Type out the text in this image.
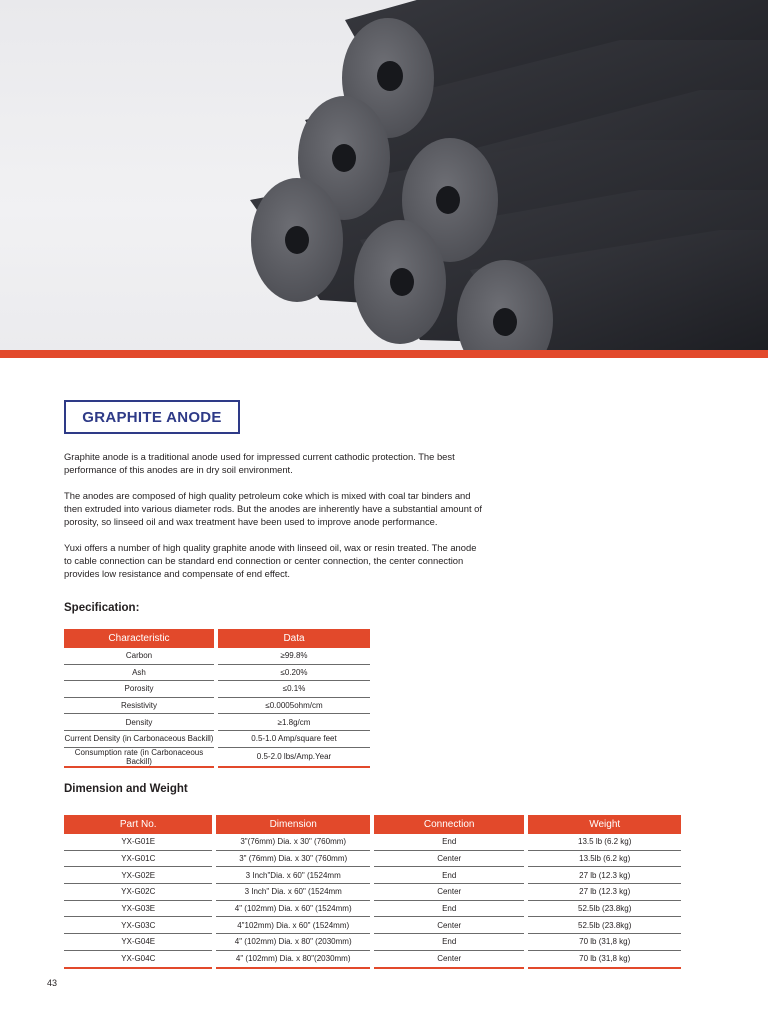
GRAPHITE ANODE

Graphite anode is a traditional anode used for impressed current cathodic protection. The best performance of this anodes are in dry soil environment.

The anodes are composed of high quality petroleum coke which is mixed with coal tar binders and then extruded into various diameter rods. But the anodes are inherently have a substantial amount of porosity, so linseed oil and wax treatment have been used to improve anode performance.

Yuxi offers a number of high quality graphite anode with linseed oil, wax or resin treated. The anode to cable connection can be standard end connection or center connection, the center connection provides low resistance and compensate of end effect.

Specification:
Characteristic		Data
Carbon		≥99.8%
Ash		≤0.20%
Porosity		≤0.1%
Resistivity		≤0.0005ohm/cm
Density		≥1.8g/cm
Current Density (in Carbonaceous Backill)		0.5-1.0 Amp/square feet
Consumption rate (in Carbonaceous Backill)		0.5-2.0 lbs/Amp.Year
Dimension and Weight
Part No.		Dimension		Connection		Weight
YX-G01E		3"(76mm) Dia. x 30" (760mm)		End		13.5 lb (6.2 kg)
YX-G01C		3" (76mm) Dia. x 30" (760mm)		Center		13.5lb (6.2 kg)
YX-G02E		3 Inch"Dia. x 60" (1524mm		End		27 lb (12.3 kg)
YX-G02C		3 Inch" Dia. x 60" (1524mm		Center		27 lb (12.3 kg)
YX-G03E		4" (102mm) Dia. x 60" (1524mm)		End		52.5lb (23.8kg)
YX-G03C		4"102mm) Dia. x 60" (1524mm)		Center		52.5lb (23.8kg)
YX-G04E		4" (102mm) Dia. x 80" (2030mm)		End		70 lb (31,8 kg)
YX-G04C		4" (102mm) Dia. x 80"(2030mm)		Center		70 lb (31,8 kg)
43
